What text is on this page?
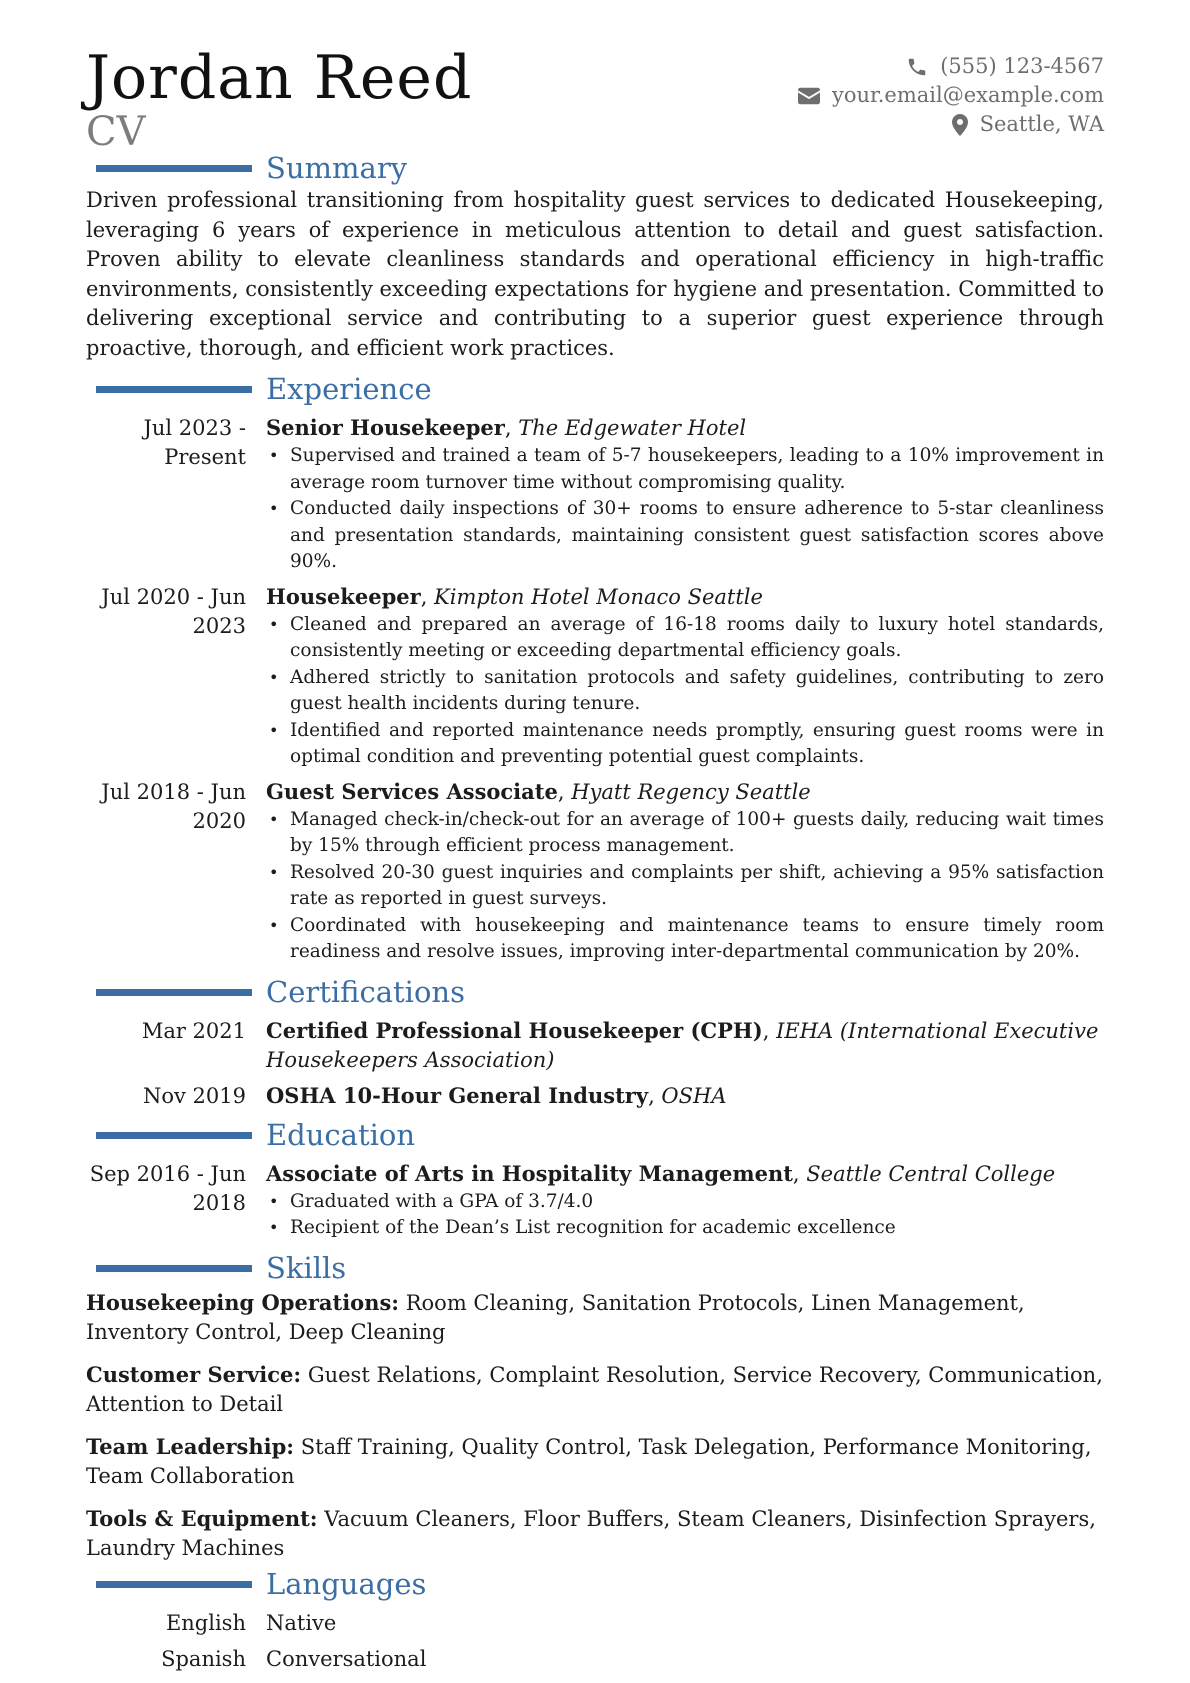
Jordan Reed
CV
(555) 123-4567
your.email@example.com
Seattle, WA
Summary

Driven professional transitioning from hospitality guest services to dedicated Housekeeping, leveraging 6 years of experience in meticulous attention to detail and guest satisfaction. Proven ability to elevate cleanliness standards and operational efficiency in high-traffic environments, consistently exceeding expectations for hygiene and presentation. Committed to delivering exceptional service and contributing to a superior guest experience through proactive, thorough, and efficient work practices.

Experience
Jul 2023 - Present
Senior Housekeeper, The Edgewater Hotel
• Supervised and trained a team of 5-7 housekeepers, leading to a 10% improvement in average room turnover time without compromising quality.
• Conducted daily inspections of 30+ rooms to ensure adherence to 5-star cleanliness and presentation standards, maintaining consistent guest satisfaction scores above 90%.
Jul 2020 - Jun 2023
Housekeeper, Kimpton Hotel Monaco Seattle
• Cleaned and prepared an average of 16-18 rooms daily to luxury hotel standards, consistently meeting or exceeding departmental efficiency goals.
• Adhered strictly to sanitation protocols and safety guidelines, contributing to zero guest health incidents during tenure.
• Identified and reported maintenance needs promptly, ensuring guest rooms were in optimal condition and preventing potential guest complaints.
Jul 2018 - Jun 2020
Guest Services Associate, Hyatt Regency Seattle
• Managed check-in/check-out for an average of 100+ guests daily, reducing wait times by 15% through efficient process management.
• Resolved 20-30 guest inquiries and complaints per shift, achieving a 95% satisfaction rate as reported in guest surveys.
• Coordinated with housekeeping and maintenance teams to ensure timely room readiness and resolve issues, improving inter-departmental communication by 20%.
Certifications
Mar 2021 Certified Professional Housekeeper (CPH), IEHA (International Executive Housekeepers Association)
Nov 2019 OSHA 10-Hour General Industry, OSHA
Education
Sep 2016 - Jun 2018
Associate of Arts in Hospitality Management, Seattle Central College
• Graduated with a GPA of 3.7/4.0
• Recipient of the Dean’s List recognition for academic excellence
Skills
Housekeeping Operations: Room Cleaning, Sanitation Protocols, Linen Management, Inventory Control, Deep Cleaning
Customer Service: Guest Relations, Complaint Resolution, Service Recovery, Communication, Attention to Detail
Team Leadership: Staff Training, Quality Control, Task Delegation, Performance Monitoring, Team Collaboration
Tools & Equipment: Vacuum Cleaners, Floor Buffers, Steam Cleaners, Disinfection Sprayers, Laundry Machines
Languages
English Native
Spanish Conversational
